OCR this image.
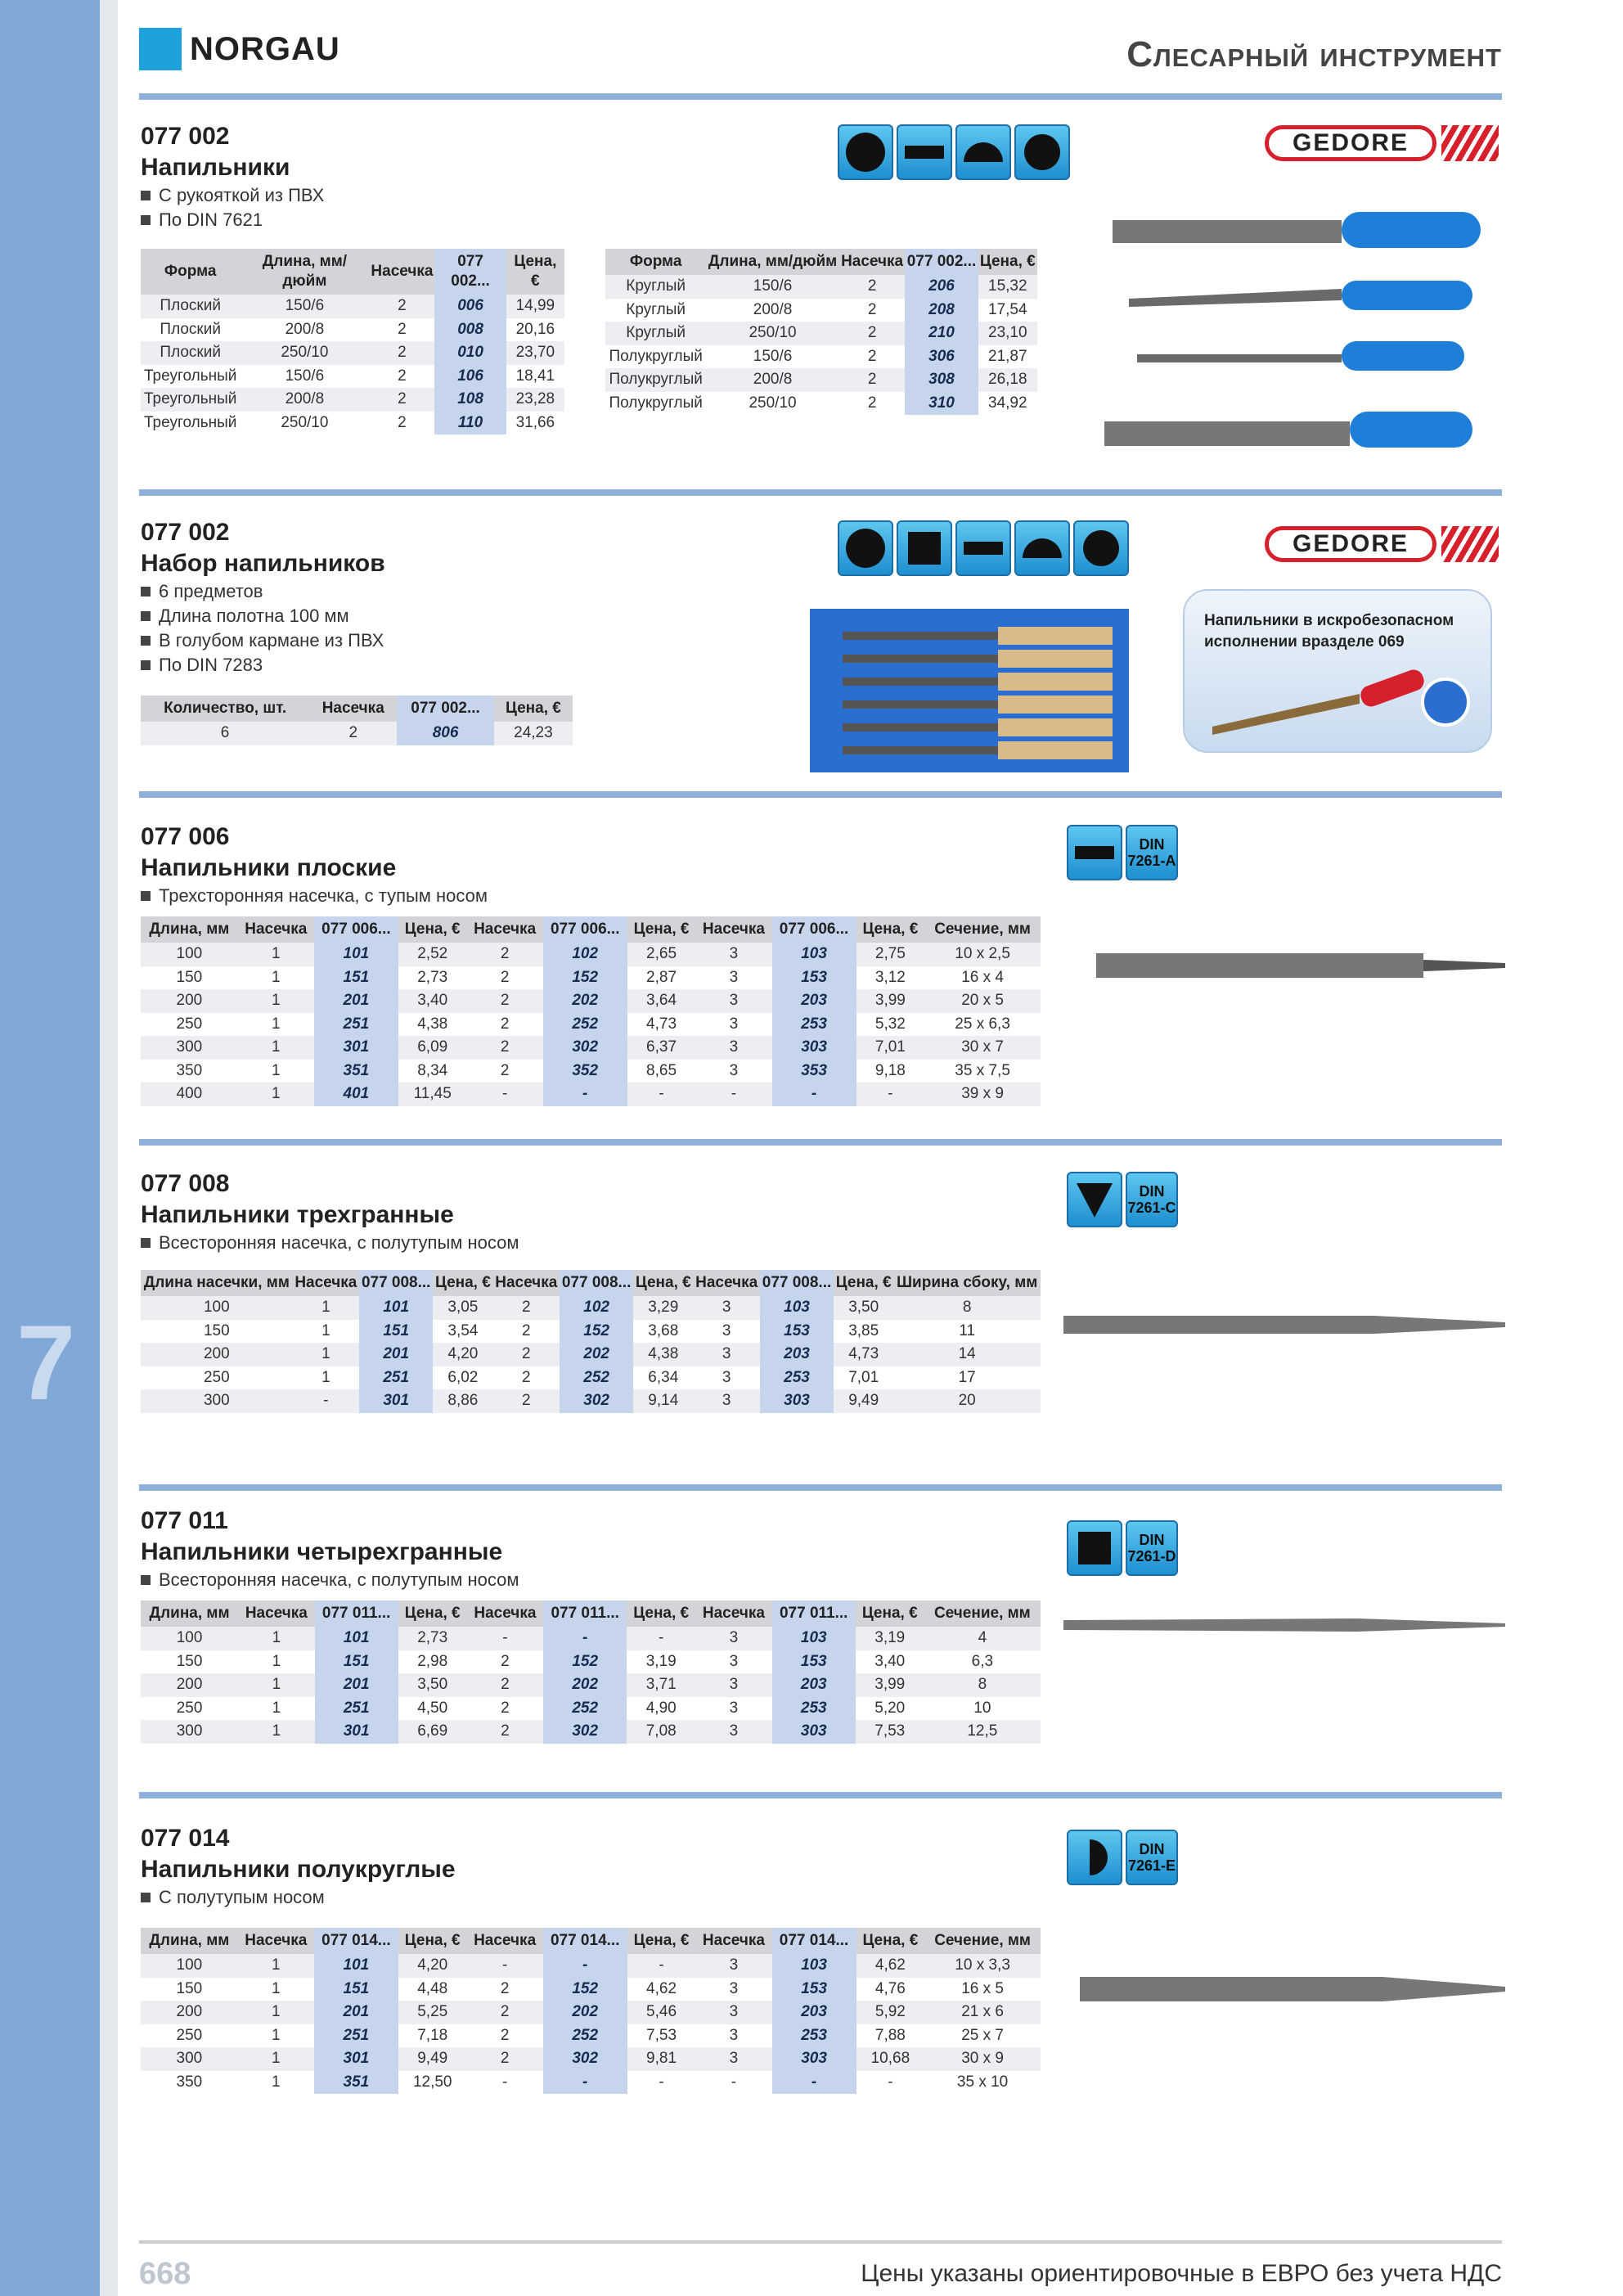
7
NORGAU	Слесарный инструмент
077 002
Напильники
С рукояткой из ПВХ
По DIN 7621
GEDORE
Форма	Длина, мм/дюйм	Насечка	077 002...	Цена, €
Плоский	150/6	2	006	14,99
Плоский	200/8	2	008	20,16
Плоский	250/10	2	010	23,70
Треугольный	150/6	2	106	18,41
Треугольный	200/8	2	108	23,28
Треугольный	250/10	2	110	31,66
Форма	Длина, мм/дюйм	Насечка	077 002...	Цена, €
Круглый	150/6	2	206	15,32
Круглый	200/8	2	208	17,54
Круглый	250/10	2	210	23,10
Полукруглый	150/6	2	306	21,87
Полукруглый	200/8	2	308	26,18
Полукруглый	250/10	2	310	34,92
077 002
Набор напильников
6 предметов
Длина полотна 100 мм
В голубом кармане из ПВХ
По DIN 7283
GEDORE
Количество, шт.	Насечка	077 002...	Цена, €
6	2	806	24,23
Напильники в искробезопасном исполнении вразделе 069
077 006
Напильники плоские
Трехсторонняя насечка, с тупым носом
DIN 7261-A
Длина, мм	Насечка	077 006...	Цена, €	Насечка	077 006...	Цена, €	Насечка	077 006...	Цена, €	Сечение, мм
100	1	101	2,52	2	102	2,65	3	103	2,75	10 x 2,5
150	1	151	2,73	2	152	2,87	3	153	3,12	16 x 4
200	1	201	3,40	2	202	3,64	3	203	3,99	20 x 5
250	1	251	4,38	2	252	4,73	3	253	5,32	25 x 6,3
300	1	301	6,09	2	302	6,37	3	303	7,01	30 x 7
350	1	351	8,34	2	352	8,65	3	353	9,18	35 x 7,5
400	1	401	11,45	-	-	-	-	-	-	39 x 9
077 008
Напильники трехгранные
Всесторонняя насечка, с полутупым носом
DIN 7261-C
Длина насечки, мм	Насечка	077 008...	Цена, €	Насечка	077 008...	Цена, €	Насечка	077 008...	Цена, €	Ширина сбоку, мм
100	1	101	3,05	2	102	3,29	3	103	3,50	8
150	1	151	3,54	2	152	3,68	3	153	3,85	11
200	1	201	4,20	2	202	4,38	3	203	4,73	14
250	1	251	6,02	2	252	6,34	3	253	7,01	17
300	-	301	8,86	2	302	9,14	3	303	9,49	20
077 011
Напильники четырехгранные
Всесторонняя насечка, с полутупым носом
DIN 7261-D
Длина, мм	Насечка	077 011...	Цена, €	Насечка	077 011...	Цена, €	Насечка	077 011...	Цена, €	Сечение, мм
100	1	101	2,73	-	-	-	3	103	3,19	4
150	1	151	2,98	2	152	3,19	3	153	3,40	6,3
200	1	201	3,50	2	202	3,71	3	203	3,99	8
250	1	251	4,50	2	252	4,90	3	253	5,20	10
300	1	301	6,69	2	302	7,08	3	303	7,53	12,5
077 014
Напильники полукруглые
С полутупым носом
DIN 7261-E
Длина, мм	Насечка	077 014...	Цена, €	Насечка	077 014...	Цена, €	Насечка	077 014...	Цена, €	Сечение, мм
100	1	101	4,20	-	-	-	3	103	4,62	10 x 3,3
150	1	151	4,48	2	152	4,62	3	153	4,76	16 x 5
200	1	201	5,25	2	202	5,46	3	203	5,92	21 x 6
250	1	251	7,18	2	252	7,53	3	253	7,88	25 x 7
300	1	301	9,49	2	302	9,81	3	303	10,68	30 x 9
350	1	351	12,50	-	-	-	-	-	-	35 x 10
668	Цены указаны ориентировочные в ЕВРО без учета НДС
